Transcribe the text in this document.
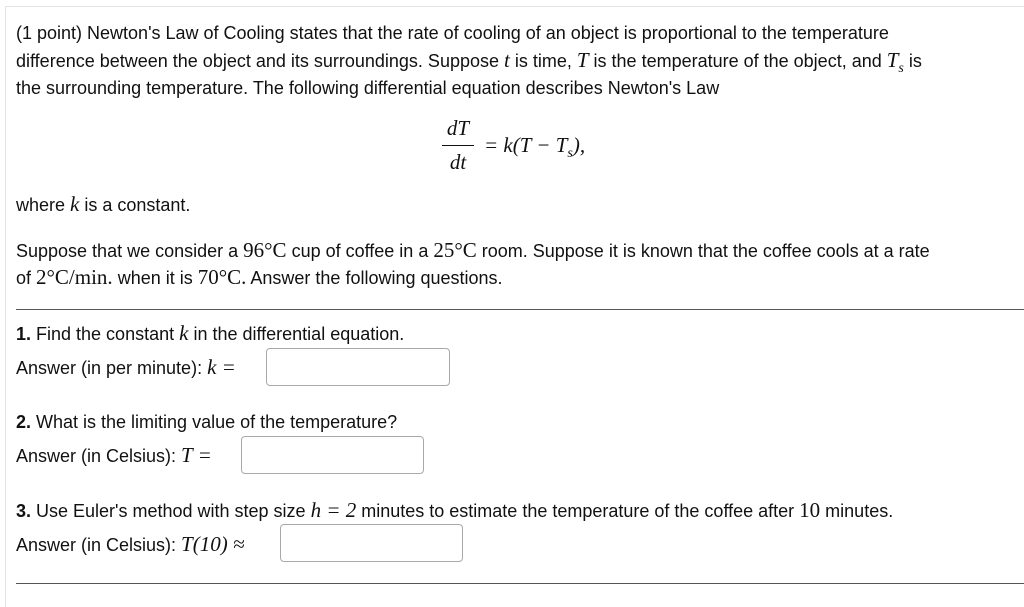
(1 point) Newton's Law of Cooling states that the rate of cooling of an object is proportional to the temperature
difference between the object and its surroundings. Suppose t is time, T is the temperature of the object, and $T_s$ is
the surrounding temperature. The following differential equation describes Newton's Law
dT
dt
= $k(T - T_s)$,
where k is a constant.
Suppose that we consider a 96°C cup of coffee in a 25°C room. Suppose it is known that the coffee cools at a rate
of 2°C/min. when it is 70°C. Answer the following questions.
1. Find the constant k in the differential equation.
Answer (in per minute): k =
2. What is the limiting value of the temperature?
Answer (in Celsius): T =
3. Use Euler's method with step size h = 2 minutes to estimate the temperature of the coffee after 10 minutes.
Answer (in Celsius): T(10) ≈
